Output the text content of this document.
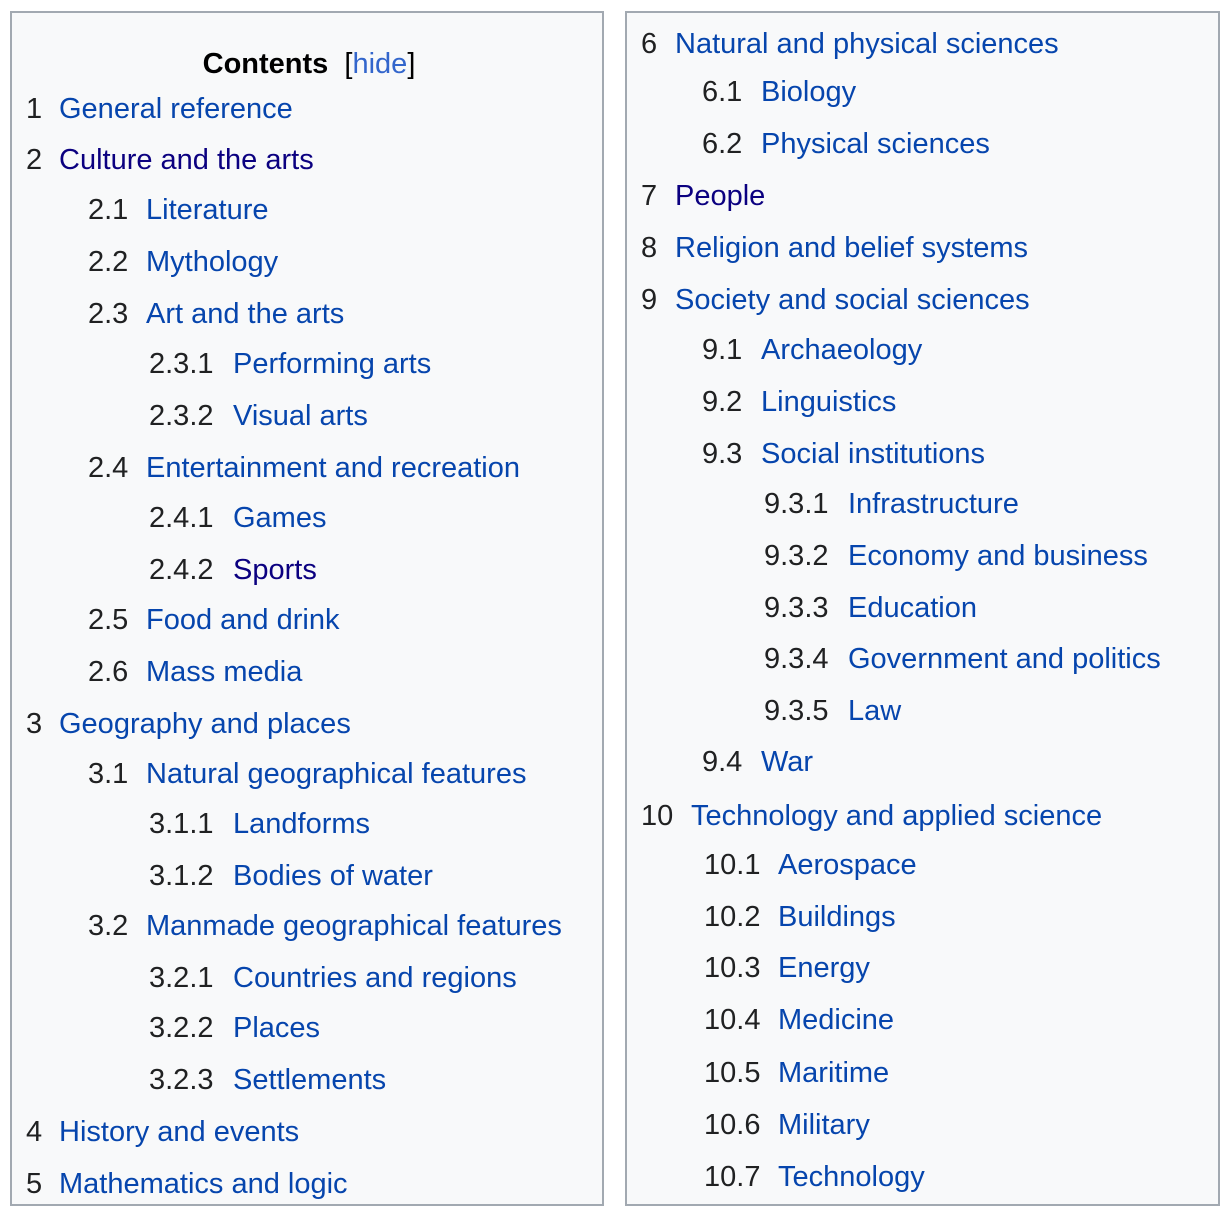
Contents  [hide]
1 General reference
2 Culture and the arts
2.1 Literature
2.2 Mythology
2.3 Art and the arts
2.3.1 Performing arts
2.3.2 Visual arts
2.4 Entertainment and recreation
2.4.1 Games
2.4.2 Sports
2.5 Food and drink
2.6 Mass media
3 Geography and places
3.1 Natural geographical features
3.1.1 Landforms
3.1.2 Bodies of water
3.2 Manmade geographical features
3.2.1 Countries and regions
3.2.2 Places
3.2.3 Settlements
4 History and events
5 Mathematics and logic
6 Natural and physical sciences
6.1 Biology
6.2 Physical sciences
7 People
8 Religion and belief systems
9 Society and social sciences
9.1 Archaeology
9.2 Linguistics
9.3 Social institutions
9.3.1 Infrastructure
9.3.2 Economy and business
9.3.3 Education
9.3.4 Government and politics
9.3.5 Law
9.4 War
10 Technology and applied science
10.1 Aerospace
10.2 Buildings
10.3 Energy
10.4 Medicine
10.5 Maritime
10.6 Military
10.7 Technology
